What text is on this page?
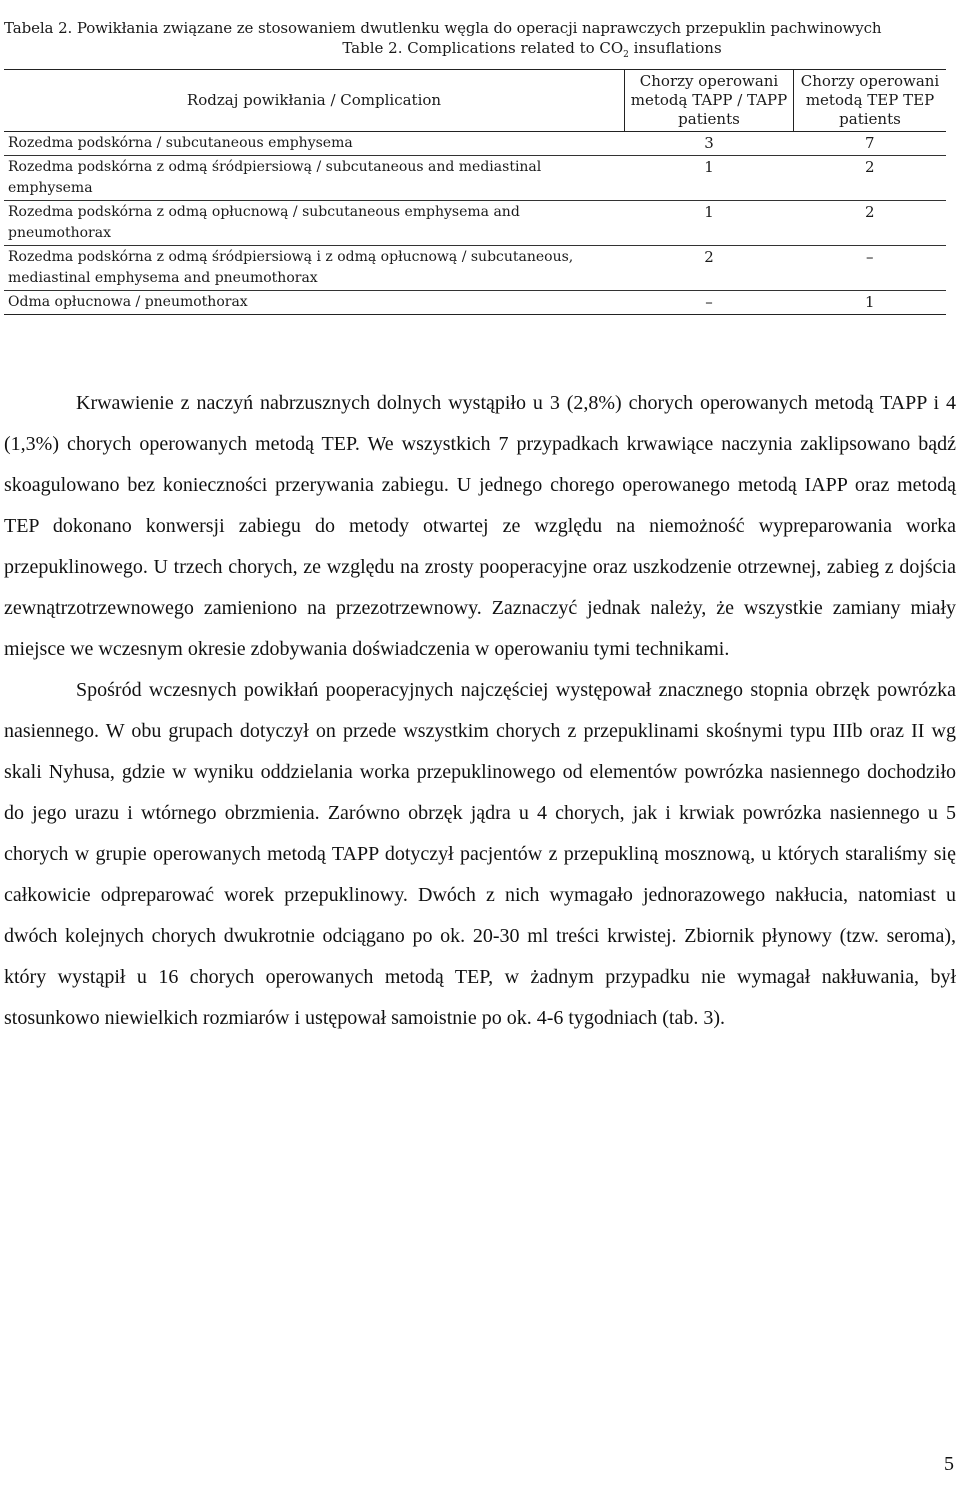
Tabela 2. Powikłania związane ze stosowaniem dwutlenku węgla do operacji naprawczych przepuklin pachwinowych
Table 2. Complications related to $CO_2$ insuflations
Rodzaj powikłania / Complication	Chorzy operowani metodą TAPP / TAPP patients	Chorzy operowani metodą TEP TEP patients
Rozedma podskórna / subcutaneous emphysema	3	7
Rozedma podskórna z odmą śródpiersiową / subcutaneous and mediastinal emphysema	1	2
Rozedma podskórna z odmą opłucnową / subcutaneous emphysema and pneumothorax	1	2
Rozedma podskórna z odmą śródpiersiową i z odmą opłucnową / subcutaneous, mediastinal emphysema and pneumothorax	2	–
Odma opłucnowa / pneumothorax	–	1

Krwawienie z naczyń nabrzusznych dolnych wystąpiło u 3 (2,8%) chorych operowanych metodą TAPP i 4 (1,3%) chorych operowanych metodą TEP. We wszystkich 7 przypadkach krwawiące naczynia zaklipsowano bądź skoagulowano bez konieczności przerywania zabiegu. U jednego chorego operowanego metodą IAPP oraz metodą TEP dokonano konwersji zabiegu do metody otwartej ze względu na niemożność wypreparowania worka przepuklinowego. U trzech chorych, ze względu na zrosty pooperacyjne oraz uszkodzenie otrzewnej, zabieg z dojścia zewnątrzotrzewnowego zamieniono na przezotrzewnowy. Zaznaczyć jednak należy, że wszystkie zamiany miały miejsce we wczesnym okresie zdobywania doświadczenia w operowaniu tymi technikami.

Spośród wczesnych powikłań pooperacyjnych najczęściej występował znacznego stopnia obrzęk powrózka nasiennego. W obu grupach dotyczył on przede wszystkim chorych z przepuklinami skośnymi typu IIIb oraz II wg skali Nyhusa, gdzie w wyniku oddzielania worka przepuklinowego od elementów powrózka nasiennego dochodziło do jego urazu i wtórnego obrzmienia. Zarówno obrzęk jądra u 4 chorych, jak i krwiak powrózka nasiennego u 5 chorych w grupie operowanych metodą TAPP dotyczył pacjentów z przepukliną mosznową, u których staraliśmy się całkowicie odpreparować worek przepuklinowy. Dwóch z nich wymagało jednorazowego nakłucia, natomiast u dwóch kolejnych chorych dwukrotnie odciągano po ok. 20-30 ml treści krwistej. Zbiornik płynowy (tzw. seroma), który wystąpił u 16 chorych operowanych metodą TEP, w żadnym przypadku nie wymagał nakłuwania, był stosunkowo niewielkich rozmiarów i ustępował samoistnie po ok. 4-6 tygodniach (tab. 3).

5
